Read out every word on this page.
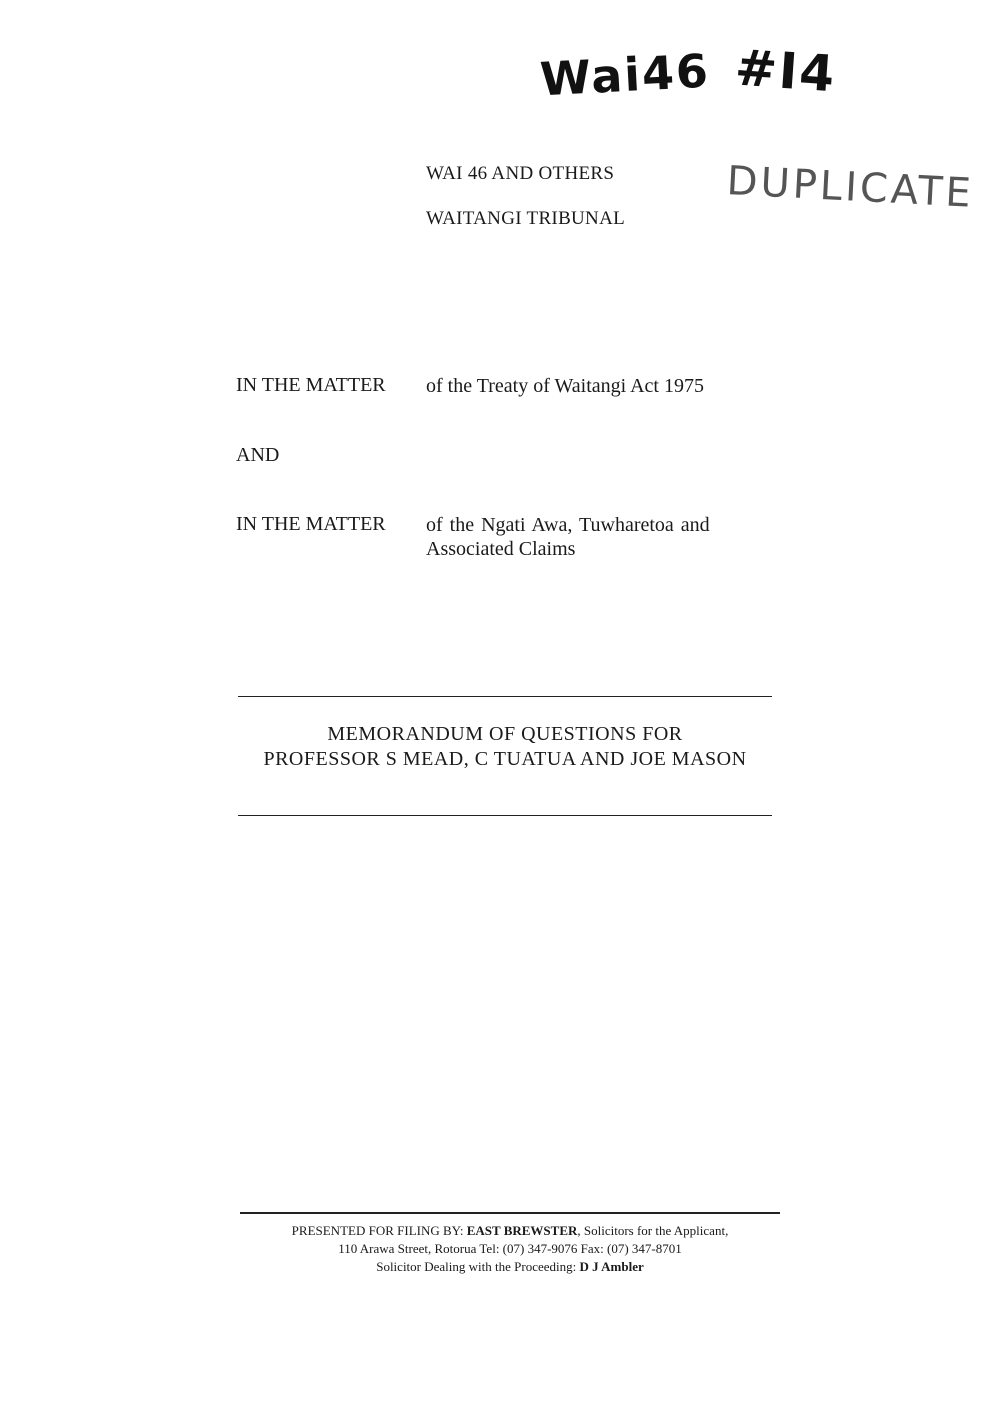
Wai46 #I4
DUPLICATE
WAI 46 AND OTHERS
WAITANGI TRIBUNAL
IN THE MATTER of the Treaty of Waitangi Act 1975
AND
IN THE MATTER of the Ngati Awa, Tuwharetoa and
Associated Claims
MEMORANDUM OF QUESTIONS FOR
PROFESSOR S MEAD, C TUATUA AND JOE MASON
PRESENTED FOR FILING BY: EAST BREWSTER, Solicitors for the Applicant,
110 Arawa Street, Rotorua Tel: (07) 347-9076 Fax: (07) 347-8701
Solicitor Dealing with the Proceeding: D J Ambler
